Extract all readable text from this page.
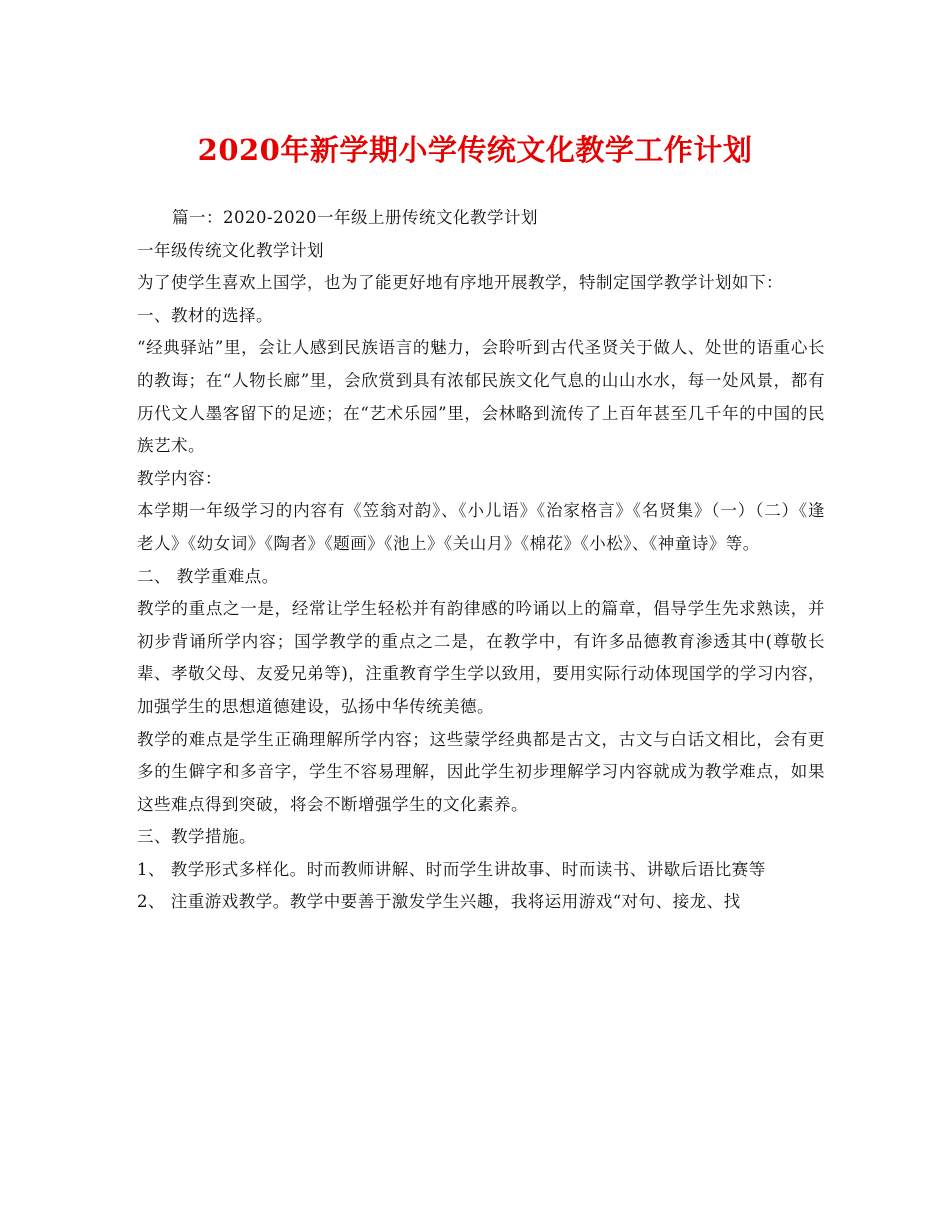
2020年新学期小学传统文化教学工作计划

篇一：2020-2020一年级上册传统文化教学计划

一年级传统文化教学计划

为了使学生喜欢上国学，也为了能更好地有序地开展教学，特制定国学教学计划如下：

一、教材的选择。

“经典驿站”里，会让人感到民族语言的魅力，会聆听到古代圣贤关于做人、处世的语重心长的教诲；在“人物长廊”里，会欣赏到具有浓郁民族文化气息的山山水水，每一处风景，都有历代文人墨客留下的足迹；在“艺术乐园”里，会林略到流传了上百年甚至几千年的中国的民族艺术。

教学内容：

本学期一年级学习的内容有《笠翁对韵》、《小儿语》《治家格言》《名贤集》（一）（二）《逢老人》《幼女词》《陶者》《题画》《池上》《关山月》《棉花》《小松》、《神童诗》等。

二、 教学重难点。

教学的重点之一是，经常让学生轻松并有韵律感的吟诵以上的篇章，倡导学生先求熟读，并初步背诵所学内容；国学教学的重点之二是，在教学中，有许多品德教育渗透其中(尊敬长辈、孝敬父母、友爱兄弟等)，注重教育学生学以致用，要用实际行动体现国学的学习内容，加强学生的思想道德建设，弘扬中华传统美德。

教学的难点是学生正确理解所学内容；这些蒙学经典都是古文，古文与白话文相比，会有更多的生僻字和多音字，学生不容易理解，因此学生初步理解学习内容就成为教学难点，如果这些难点得到突破，将会不断增强学生的文化素养。

三、教学措施。

1、 教学形式多样化。时而教师讲解、时而学生讲故事、时而读书、讲歇后语比赛等

2、 注重游戏教学。教学中要善于激发学生兴趣，我将运用游戏“对句、接龙、找
